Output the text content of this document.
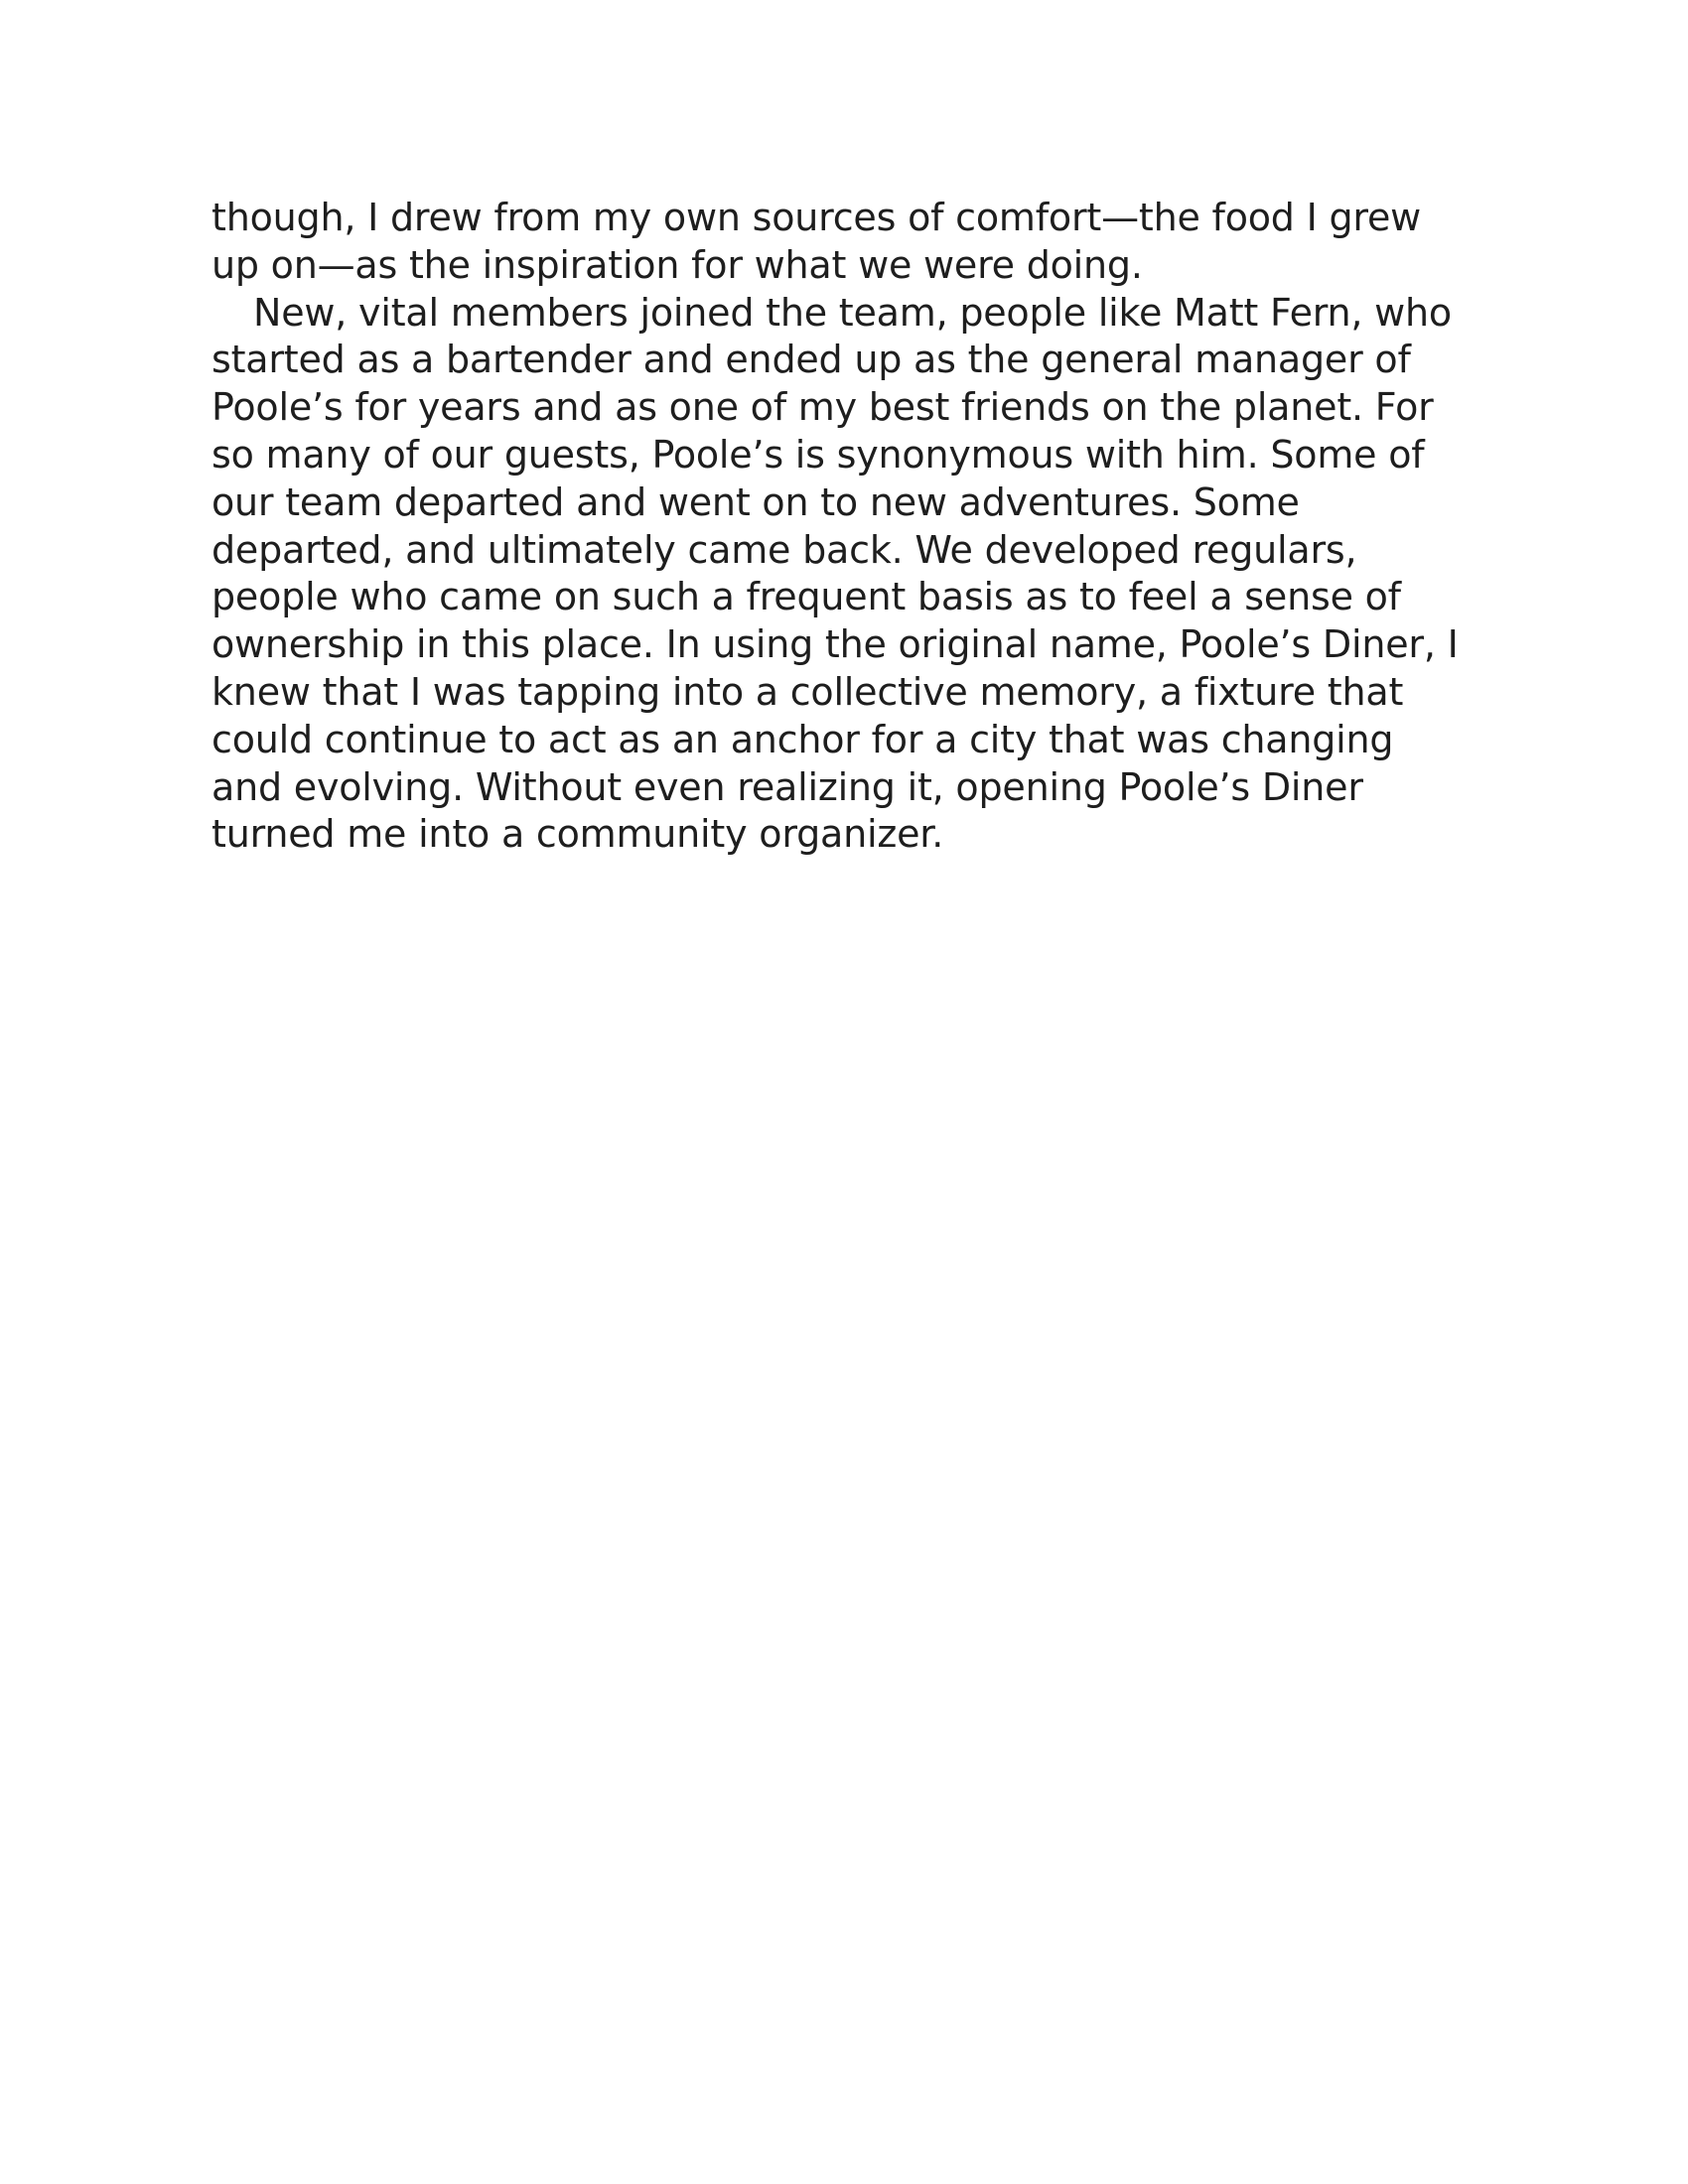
though, I drew from my own sources of comfort—the food I grew
up on—as the inspiration for what we were doing.
New, vital members joined the team, people like Matt Fern, who
started as a bartender and ended up as the general manager of
Poole’s for years and as one of my best friends on the planet. For
so many of our guests, Poole’s is synonymous with him. Some of
our team departed and went on to new adventures. Some
departed, and ultimately came back. We developed regulars,
people who came on such a frequent basis as to feel a sense of
ownership in this place. In using the original name, Poole’s Diner, I
knew that I was tapping into a collective memory, a fixture that
could continue to act as an anchor for a city that was changing
and evolving. Without even realizing it, opening Poole’s Diner
turned me into a community organizer.
